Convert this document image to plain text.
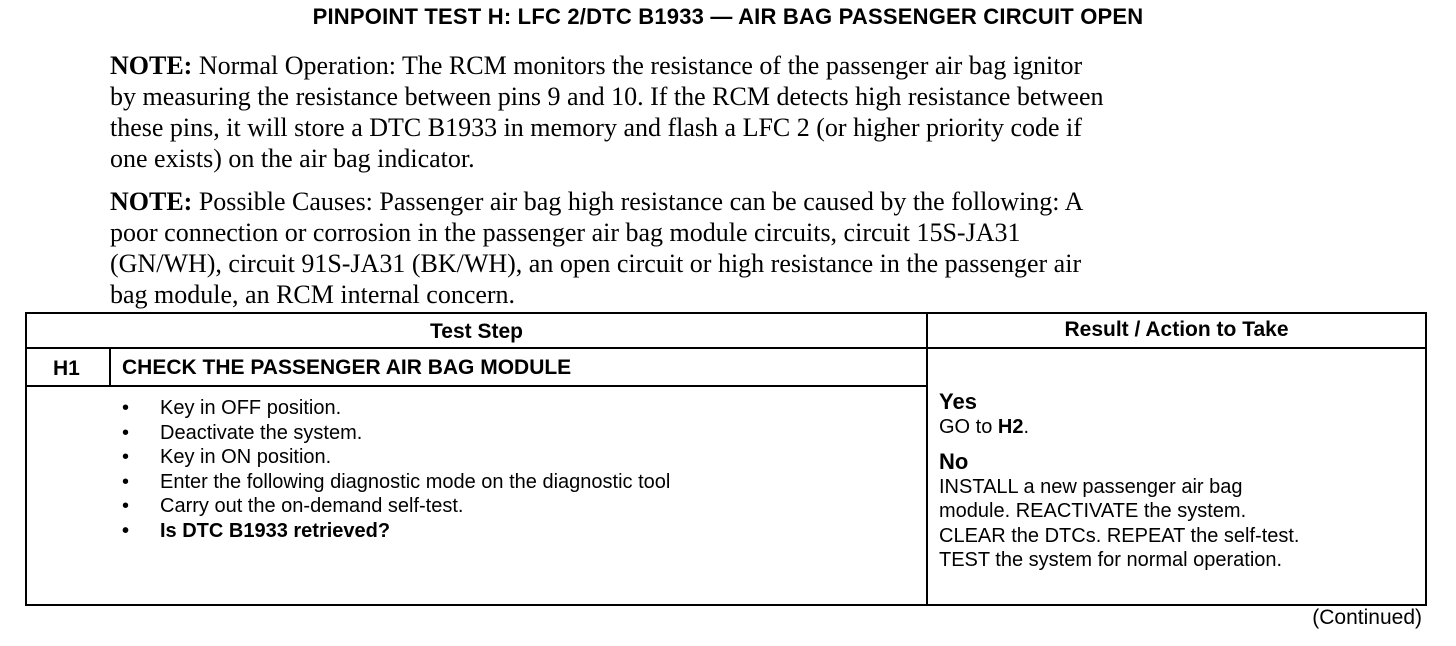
PINPOINT TEST H: LFC 2/DTC B1933 — AIR BAG PASSENGER CIRCUIT OPEN
NOTE: Normal Operation: The RCM monitors the resistance of the passenger air bag ignitor
by measuring the resistance between pins 9 and 10. If the RCM detects high resistance between
these pins, it will store a DTC B1933 in memory and flash a LFC 2 (or higher priority code if
one exists) on the air bag indicator.
NOTE: Possible Causes: Passenger air bag high resistance can be caused by the following: A
poor connection or corrosion in the passenger air bag module circuits, circuit 15S-JA31
(GN/WH), circuit 91S-JA31 (BK/WH), an open circuit or high resistance in the passenger air
bag module, an RCM internal concern.
Test Step	Result / Action to Take
H1 CHECK THE PASSENGER AIR BAG MODULE
• Key in OFF position.
• Deactivate the system.
• Key in ON position.
• Enter the following diagnostic mode on the diagnostic tool
• Carry out the on-demand self-test.
• Is DTC B1933 retrieved?
Yes
GO to H2.
No
INSTALL a new passenger air bag
module. REACTIVATE the system.
CLEAR the DTCs. REPEAT the self-test.
TEST the system for normal operation.
(Continued)
